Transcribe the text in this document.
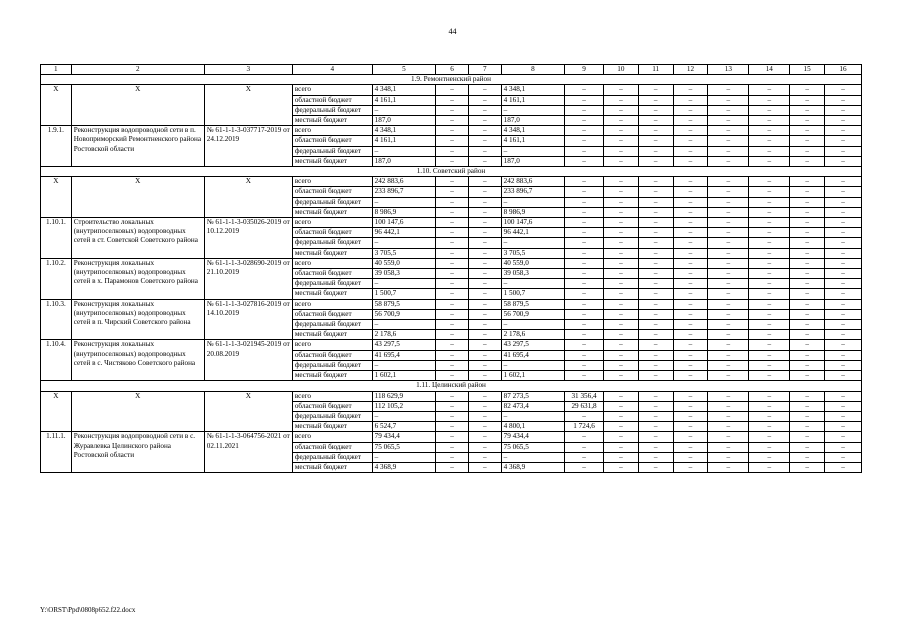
44
1	2	3	4	5	6	7	8	9	10	11	12	13	14	15	16
1.9. Ремонтненский район															
X	X	X	всего	4 348,1	–	–	4 348,1	–	–	–	–	–	–	–	–
			областной бюджет	4 161,1	–	–	4 161,1	–	–	–	–	–	–	–	–
			федеральный бюджет	–	–	–	–	–	–	–	–	–	–	–	–
			местный бюджет	187,0	–	–	187,0	–	–	–	–	–	–	–	–
1.9.1.	Реконструкция водопроводной сети в п. Новоприморский Ремонтненского района Ростовской области	№ 61-1-1-3-037717-2019 от 24.12.2019	всего	4 348,1	–	–	4 348,1	–	–	–	–	–	–	–	–
			областной бюджет	4 161,1	–	–	4 161,1	–	–	–	–	–	–	–	–
			федеральный бюджет	–	–	–	–	–	–	–	–	–	–	–	–
			местный бюджет	187,0	–	–	187,0	–	–	–	–	–	–	–	–
1.10. Советский район															
X	X	X	всего	242 883,6	–	–	242 883,6	–	–	–	–	–	–	–	–
			областной бюджет	233 896,7	–	–	233 896,7	–	–	–	–	–	–	–	–
			федеральный бюджет	–	–	–	–	–	–	–	–	–	–	–	–
			местный бюджет	8 986,9	–	–	8 986,9	–	–	–	–	–	–	–	–
1.10.1.	Строительство локальных (внутрипоселковых) водопроводных сетей в ст. Советской Советского района	№ 61-1-1-3-035026-2019 от 10.12.2019	всего	100 147,6	–	–	100 147,6	–	–	–	–	–	–	–	–
			областной бюджет	96 442,1	–	–	96 442,1	–	–	–	–	–	–	–	–
			федеральный бюджет	–	–	–	–	–	–	–	–	–	–	–	–
			местный бюджет	3 705,5	–	–	3 705,5	–	–	–	–	–	–	–	–
1.10.2.	Реконструкция локальных (внутрипоселковых) водопроводных сетей в х. Парамонов Советского района	№ 61-1-1-3-028690-2019 от 21.10.2019	всего	40 559,0	–	–	40 559,0	–	–	–	–	–	–	–	–
			областной бюджет	39 058,3	–	–	39 058,3	–	–	–	–	–	–	–	–
			федеральный бюджет	–	–	–	–	–	–	–	–	–	–	–	–
			местный бюджет	1 500,7	–	–	1 500,7	–	–	–	–	–	–	–	–
1.10.3.	Реконструкция локальных (внутрипоселковых) водопроводных сетей в п. Чирский Советского района	№ 61-1-1-3-027816-2019 от 14.10.2019	всего	58 879,5	–	–	58 879,5	–	–	–	–	–	–	–	–
			областной бюджет	56 700,9	–	–	56 700,9	–	–	–	–	–	–	–	–
			федеральный бюджет	–	–	–	–	–	–	–	–	–	–	–	–
			местный бюджет	2 178,6	–	–	2 178,6	–	–	–	–	–	–	–	–
1.10.4.	Реконструкция локальных (внутрипоселковых) водопроводных сетей в с. Чистяково Советского района	№ 61-1-1-3-021945-2019 от 20.08.2019	всего	43 297,5	–	–	43 297,5	–	–	–	–	–	–	–	–
			областной бюджет	41 695,4	–	–	41 695,4	–	–	–	–	–	–	–	–
			федеральный бюджет	–	–	–	–	–	–	–	–	–	–	–	–
			местный бюджет	1 602,1	–	–	1 602,1	–	–	–	–	–	–	–	–
1.11. Целинский район															
X	X	X	всего	118 629,9	–	–	87 273,5	31 356,4	–	–	–	–	–	–	–
			областной бюджет	112 105,2	–	–	82 473,4	29 631,8	–	–	–	–	–	–	–
			федеральный бюджет	–	–	–	–	–	–	–	–	–	–	–	–
			местный бюджет	6 524,7	–	–	4 800,1	1 724,6	–	–	–	–	–	–	–
1.11.1.	Реконструкция водопроводной сети в с. Журавлевка Целинского района Ростовской области	№ 61-1-1-3-064756-2021 от 02.11.2021	всего	79 434,4	–	–	79 434,4	–	–	–	–	–	–	–	–
			областной бюджет	75 065,5	–	–	75 065,5	–	–	–	–	–	–	–	–
			федеральный бюджет	–	–	–	–	–	–	–	–	–	–	–	–
			местный бюджет	4 368,9	–	–	4 368,9	–	–	–	–	–	–	–	–
Y:\ORST\Ppd\0808p652.f22.docx
